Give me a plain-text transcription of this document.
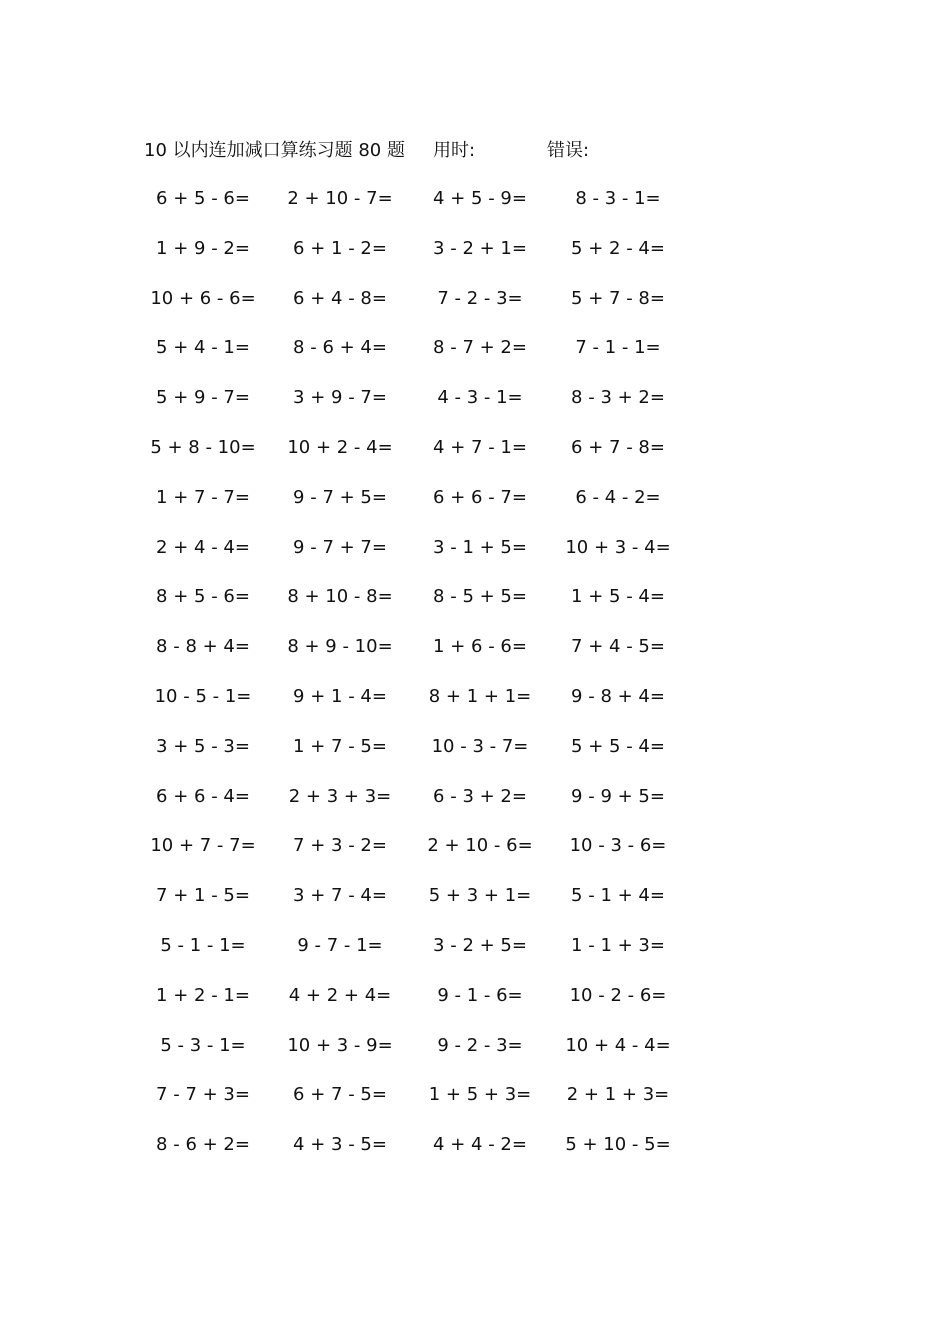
10 以内连加减口算练习题 80 题 用时:	错误:
6 + 5 - 6=	2 + 10 - 7=	4 + 5 - 9=	8 - 3 - 1=
1 + 9 - 2=	6 + 1 - 2=	3 - 2 + 1=	5 + 2 - 4=
10 + 6 - 6=	6 + 4 - 8=	7 - 2 - 3=	5 + 7 - 8=
5 + 4 - 1=	8 - 6 + 4=	8 - 7 + 2=	7 - 1 - 1=
5 + 9 - 7=	3 + 9 - 7=	4 - 3 - 1=	8 - 3 + 2=
5 + 8 - 10=	10 + 2 - 4=	4 + 7 - 1=	6 + 7 - 8=
1 + 7 - 7=	9 - 7 + 5=	6 + 6 - 7=	6 - 4 - 2=
2 + 4 - 4=	9 - 7 + 7=	3 - 1 + 5=	10 + 3 - 4=
8 + 5 - 6=	8 + 10 - 8=	8 - 5 + 5=	1 + 5 - 4=
8 - 8 + 4=	8 + 9 - 10=	1 + 6 - 6=	7 + 4 - 5=
10 - 5 - 1=	9 + 1 - 4=	8 + 1 + 1=	9 - 8 + 4=
3 + 5 - 3=	1 + 7 - 5=	10 - 3 - 7=	5 + 5 - 4=
6 + 6 - 4=	2 + 3 + 3=	6 - 3 + 2=	9 - 9 + 5=
10 + 7 - 7=	7 + 3 - 2=	2 + 10 - 6=	10 - 3 - 6=
7 + 1 - 5=	3 + 7 - 4=	5 + 3 + 1=	5 - 1 + 4=
5 - 1 - 1=	9 - 7 - 1=	3 - 2 + 5=	1 - 1 + 3=
1 + 2 - 1=	4 + 2 + 4=	9 - 1 - 6=	10 - 2 - 6=
5 - 3 - 1=	10 + 3 - 9=	9 - 2 - 3=	10 + 4 - 4=
7 - 7 + 3=	6 + 7 - 5=	1 + 5 + 3=	2 + 1 + 3=
8 - 6 + 2=	4 + 3 - 5=	4 + 4 - 2=	5 + 10 - 5=
